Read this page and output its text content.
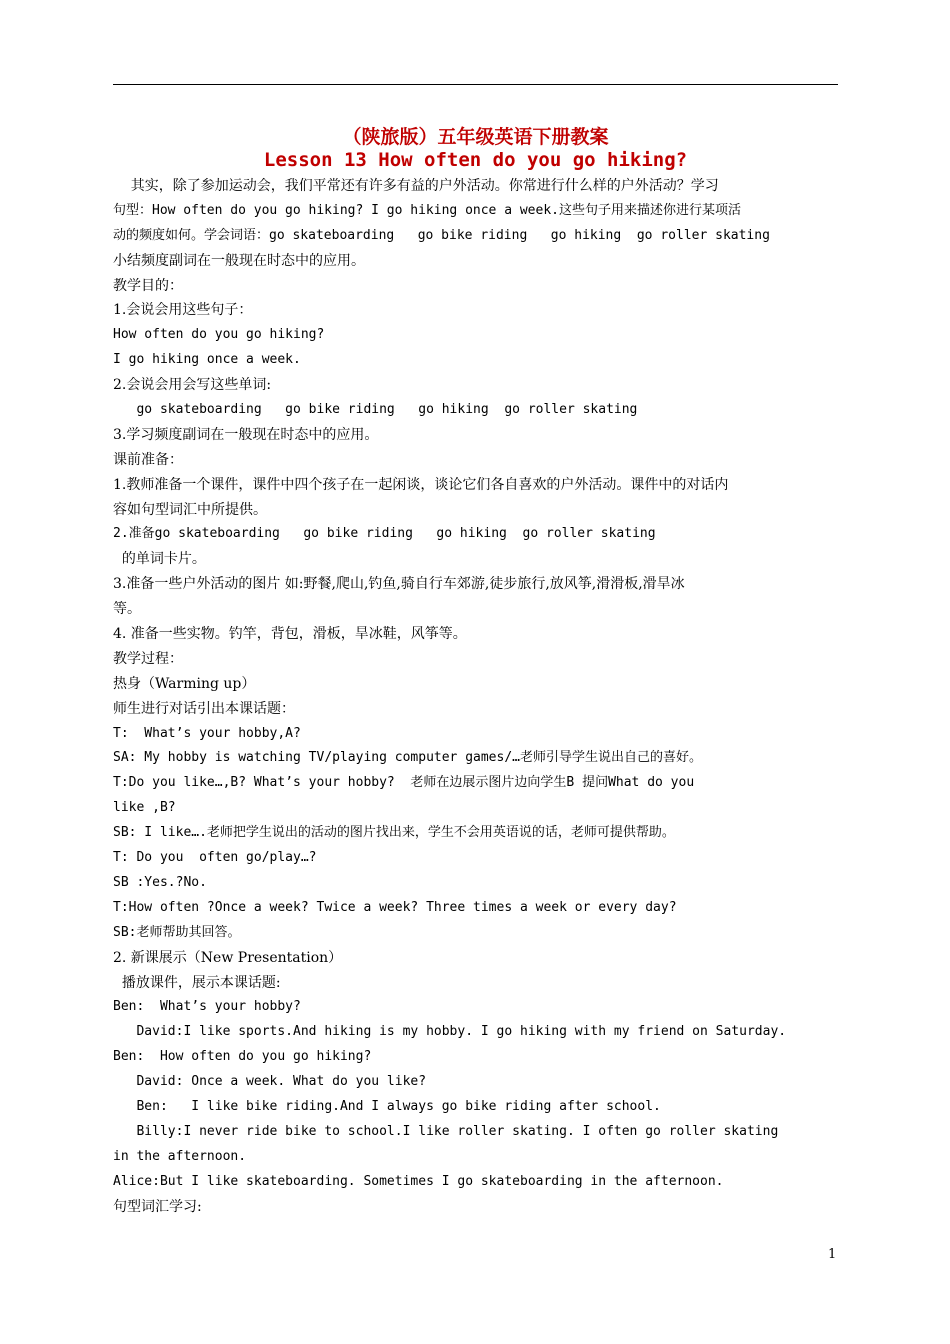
（陕旅版）五年级英语下册教案
Lesson 13 How often do you go hiking?
其实，除了参加运动会，我们平常还有许多有益的户外活动。你常进行什么样的户外活动？学习
句型：How often do you go hiking? I go hiking once a week.这些句子用来描述你进行某项活
动的频度如何。学会词语：go skateboarding   go bike riding   go hiking  go roller skating
小结频度副词在一般现在时态中的应用。
教学目的：
1.会说会用这些句子：
How often do you go hiking?
I go hiking once a week.
2.会说会用会写这些单词:
go skateboarding   go bike riding   go hiking  go roller skating
3.学习频度副词在一般现在时态中的应用。
课前准备：
1.教师准备一个课件，课件中四个孩子在一起闲谈，谈论它们各自喜欢的户外活动。课件中的对话内
容如句型词汇中所提供。
2.准备go skateboarding   go bike riding   go hiking  go roller skating
的单词卡片。
3.准备一些户外活动的图片 如:野餐,爬山,钓鱼,骑自行车郊游,徒步旅行,放风筝,滑滑板,滑旱冰
等。
4. 准备一些实物。钓竿，背包，滑板，旱冰鞋，风筝等。
教学过程：
热身（Warming up）
师生进行对话引出本课话题：
T:  What’s your hobby,A?
SA: My hobby is watching TV/playing computer games/…老师引导学生说出自己的喜好。
T:Do you like…,B? What’s your hobby?  老师在边展示图片边向学生B 提问What do you
like ,B?
SB: I like….老师把学生说出的活动的图片找出来，学生不会用英语说的话，老师可提供帮助。
T: Do you  often go/play…?
SB :Yes.?No.
T:How often ?Once a week? Twice a week? Three times a week or every day?
SB:老师帮助其回答。
2. 新课展示（New Presentation）
播放课件，展示本课话题:
Ben:  What’s your hobby?
David:I like sports.And hiking is my hobby. I go hiking with my friend on Saturday.
Ben:  How often do you go hiking?
David: Once a week. What do you like?
Ben:   I like bike riding.And I always go bike riding after school.
Billy:I never ride bike to school.I like roller skating. I often go roller skating
in the afternoon.
Alice:But I like skateboarding. Sometimes I go skateboarding in the afternoon.
句型词汇学习:
1
